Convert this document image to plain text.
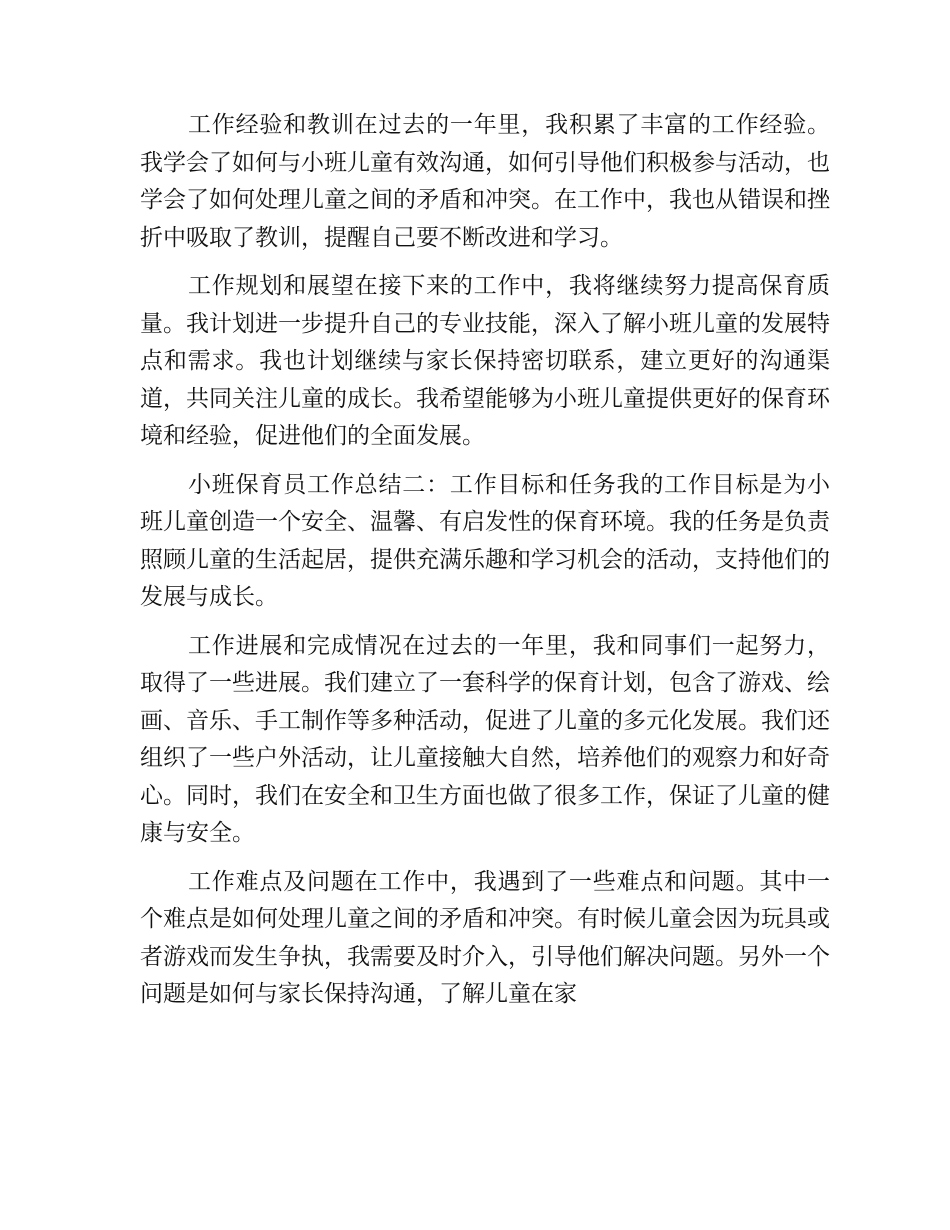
工作经验和教训在过去的一年里，我积累了丰富的工作经验。我学会了如何与小班儿童有效沟通，如何引导他们积极参与活动，也学会了如何处理儿童之间的矛盾和冲突。在工作中，我也从错误和挫折中吸取了教训，提醒自己要不断改进和学习。

工作规划和展望在接下来的工作中，我将继续努力提高保育质量。我计划进一步提升自己的专业技能，深入了解小班儿童的发展特点和需求。我也计划继续与家长保持密切联系，建立更好的沟通渠道，共同关注儿童的成长。我希望能够为小班儿童提供更好的保育环境和经验，促进他们的全面发展。

小班保育员工作总结二：工作目标和任务我的工作目标是为小班儿童创造一个安全、温馨、有启发性的保育环境。我的任务是负责照顾儿童的生活起居，提供充满乐趣和学习机会的活动，支持他们的发展与成长。

工作进展和完成情况在过去的一年里，我和同事们一起努力，取得了一些进展。我们建立了一套科学的保育计划，包含了游戏、绘画、音乐、手工制作等多种活动，促进了儿童的多元化发展。我们还组织了一些户外活动，让儿童接触大自然，培养他们的观察力和好奇心。同时，我们在安全和卫生方面也做了很多工作，保证了儿童的健康与安全。

工作难点及问题在工作中，我遇到了一些难点和问题。其中一个难点是如何处理儿童之间的矛盾和冲突。有时候儿童会因为玩具或者游戏而发生争执，我需要及时介入，引导他们解决问题。另外一个问题是如何与家长保持沟通，了解儿童在家
